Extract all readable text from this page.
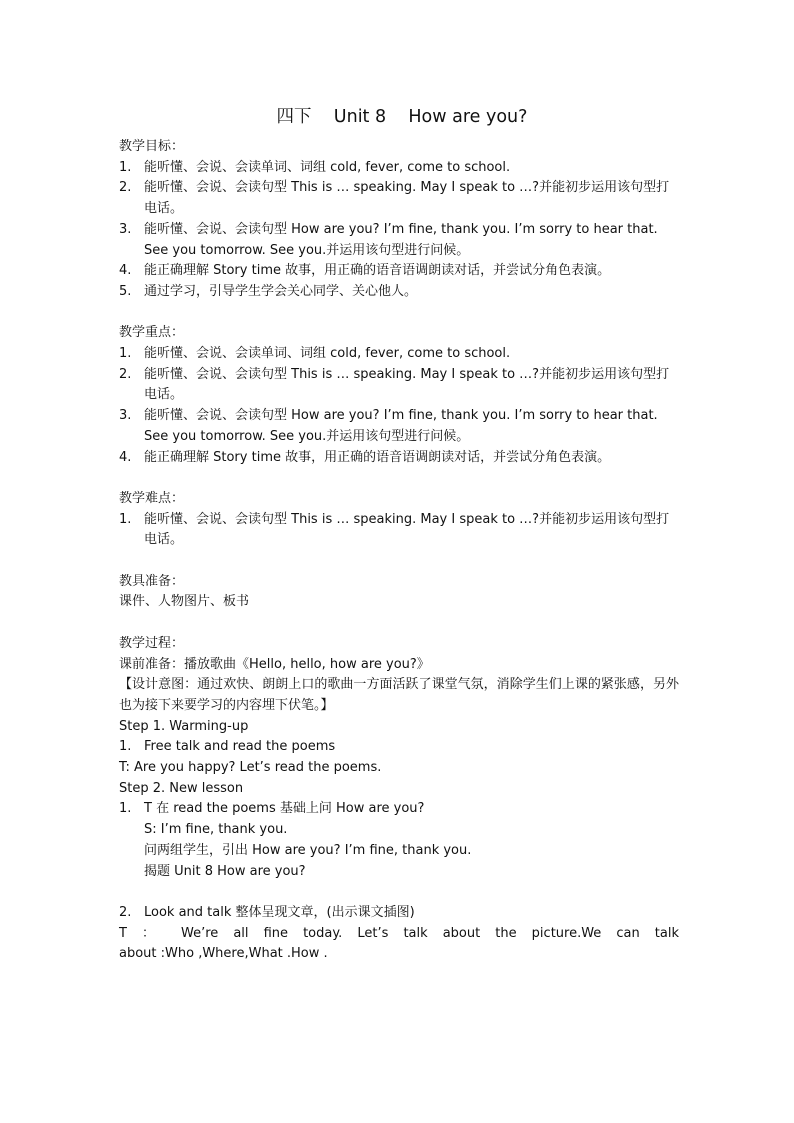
四下 Unit 8 How are you?
教学目标：
1. 能听懂、会说、会读单词、词组 cold, fever, come to school.
2. 能听懂、会说、会读句型 This is … speaking. May I speak to …?并能初步运用该句型打电话。
3. 能听懂、会说、会读句型 How are you? I’m fine, thank you. I’m sorry to hear that. See you tomorrow. See you.并运用该句型进行问候。
4. 能正确理解 Story time 故事，用正确的语音语调朗读对话，并尝试分角色表演。
5. 通过学习，引导学生学会关心同学、关心他人。
教学重点：
1. 能听懂、会说、会读单词、词组 cold, fever, come to school.
2. 能听懂、会说、会读句型 This is … speaking. May I speak to …?并能初步运用该句型打电话。
3. 能听懂、会说、会读句型 How are you? I’m fine, thank you. I’m sorry to hear that. See you tomorrow. See you.并运用该句型进行问候。
4. 能正确理解 Story time 故事，用正确的语音语调朗读对话，并尝试分角色表演。
教学难点：
1. 能听懂、会说、会读句型 This is … speaking. May I speak to …?并能初步运用该句型打电话。
教具准备：
课件、人物图片、板书
教学过程：
课前准备：播放歌曲《Hello, hello, how are you?》
【设计意图：通过欢快、朗朗上口的歌曲一方面活跃了课堂气氛，消除学生们上课的紧张感，另外也为接下来要学习的内容埋下伏笔。】
Step 1. Warming-up
1. Free talk and read the poems
T: Are you happy? Let’s read the poems.
Step 2. New lesson
1. T 在 read the poems 基础上问 How are you?
S: I’m fine, thank you.
问两组学生，引出 How are you? I’m fine, thank you.
揭题 Unit 8 How are you?
2. Look and talk 整体呈现文章，(出示课文插图)
T ： We’re all fine today. Let’s talk about the picture.We can talk
about :Who ,Where,What .How .
